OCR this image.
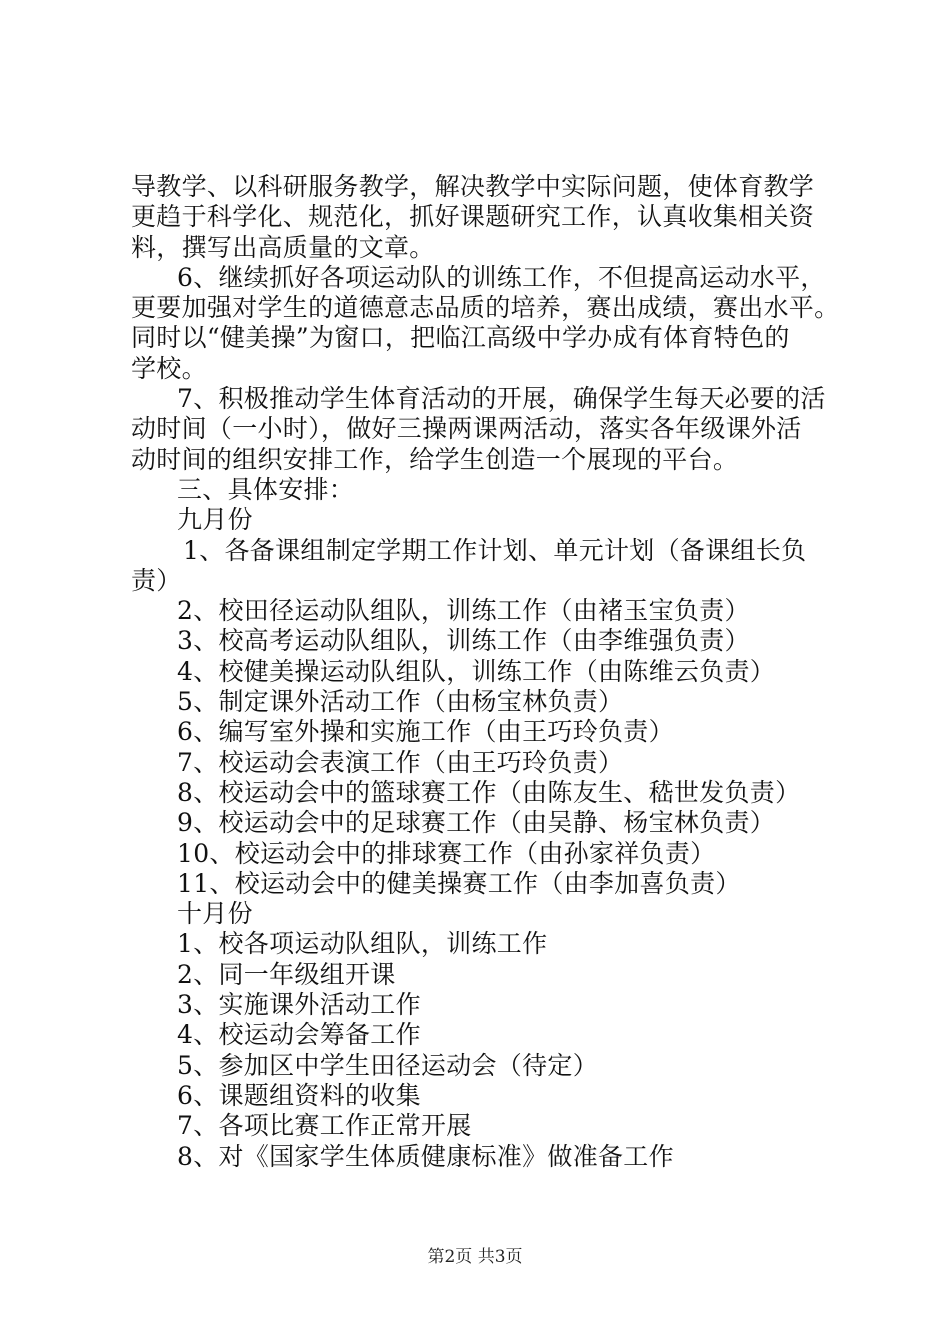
导教学、以科研服务教学，解决教学中实际问题，使体育教学
更趋于科学化、规范化，抓好课题研究工作，认真收集相关资
料，撰写出高质量的文章。
6、继续抓好各项运动队的训练工作，不但提高运动水平，
更要加强对学生的道德意志品质的培养，赛出成绩，赛出水平。
同时以“健美操”为窗口，把临江高级中学办成有体育特色的
学校。
7、积极推动学生体育活动的开展，确保学生每天必要的活
动时间（一小时），做好三操两课两活动，落实各年级课外活
动时间的组织安排工作，给学生创造一个展现的平台。
三、具体安排：
九月份
1、各备课组制定学期工作计划、单元计划（备课组长负
责）
2、校田径运动队组队，训练工作（由褚玉宝负责）
3、校高考运动队组队，训练工作（由李维强负责）
4、校健美操运动队组队，训练工作（由陈维云负责）
5、制定课外活动工作（由杨宝林负责）
6、编写室外操和实施工作（由王巧玲负责）
7、校运动会表演工作（由王巧玲负责）
8、校运动会中的篮球赛工作（由陈友生、嵇世发负责）
9、校运动会中的足球赛工作（由吴静、杨宝林负责）
10、校运动会中的排球赛工作（由孙家祥负责）
11、校运动会中的健美操赛工作（由李加喜负责）
十月份
1、校各项运动队组队，训练工作
2、同一年级组开课
3、实施课外活动工作
4、校运动会筹备工作
5、参加区中学生田径运动会（待定）
6、课题组资料的收集
7、各项比赛工作正常开展
8、对《国家学生体质健康标准》做准备工作
第2页 共3页
